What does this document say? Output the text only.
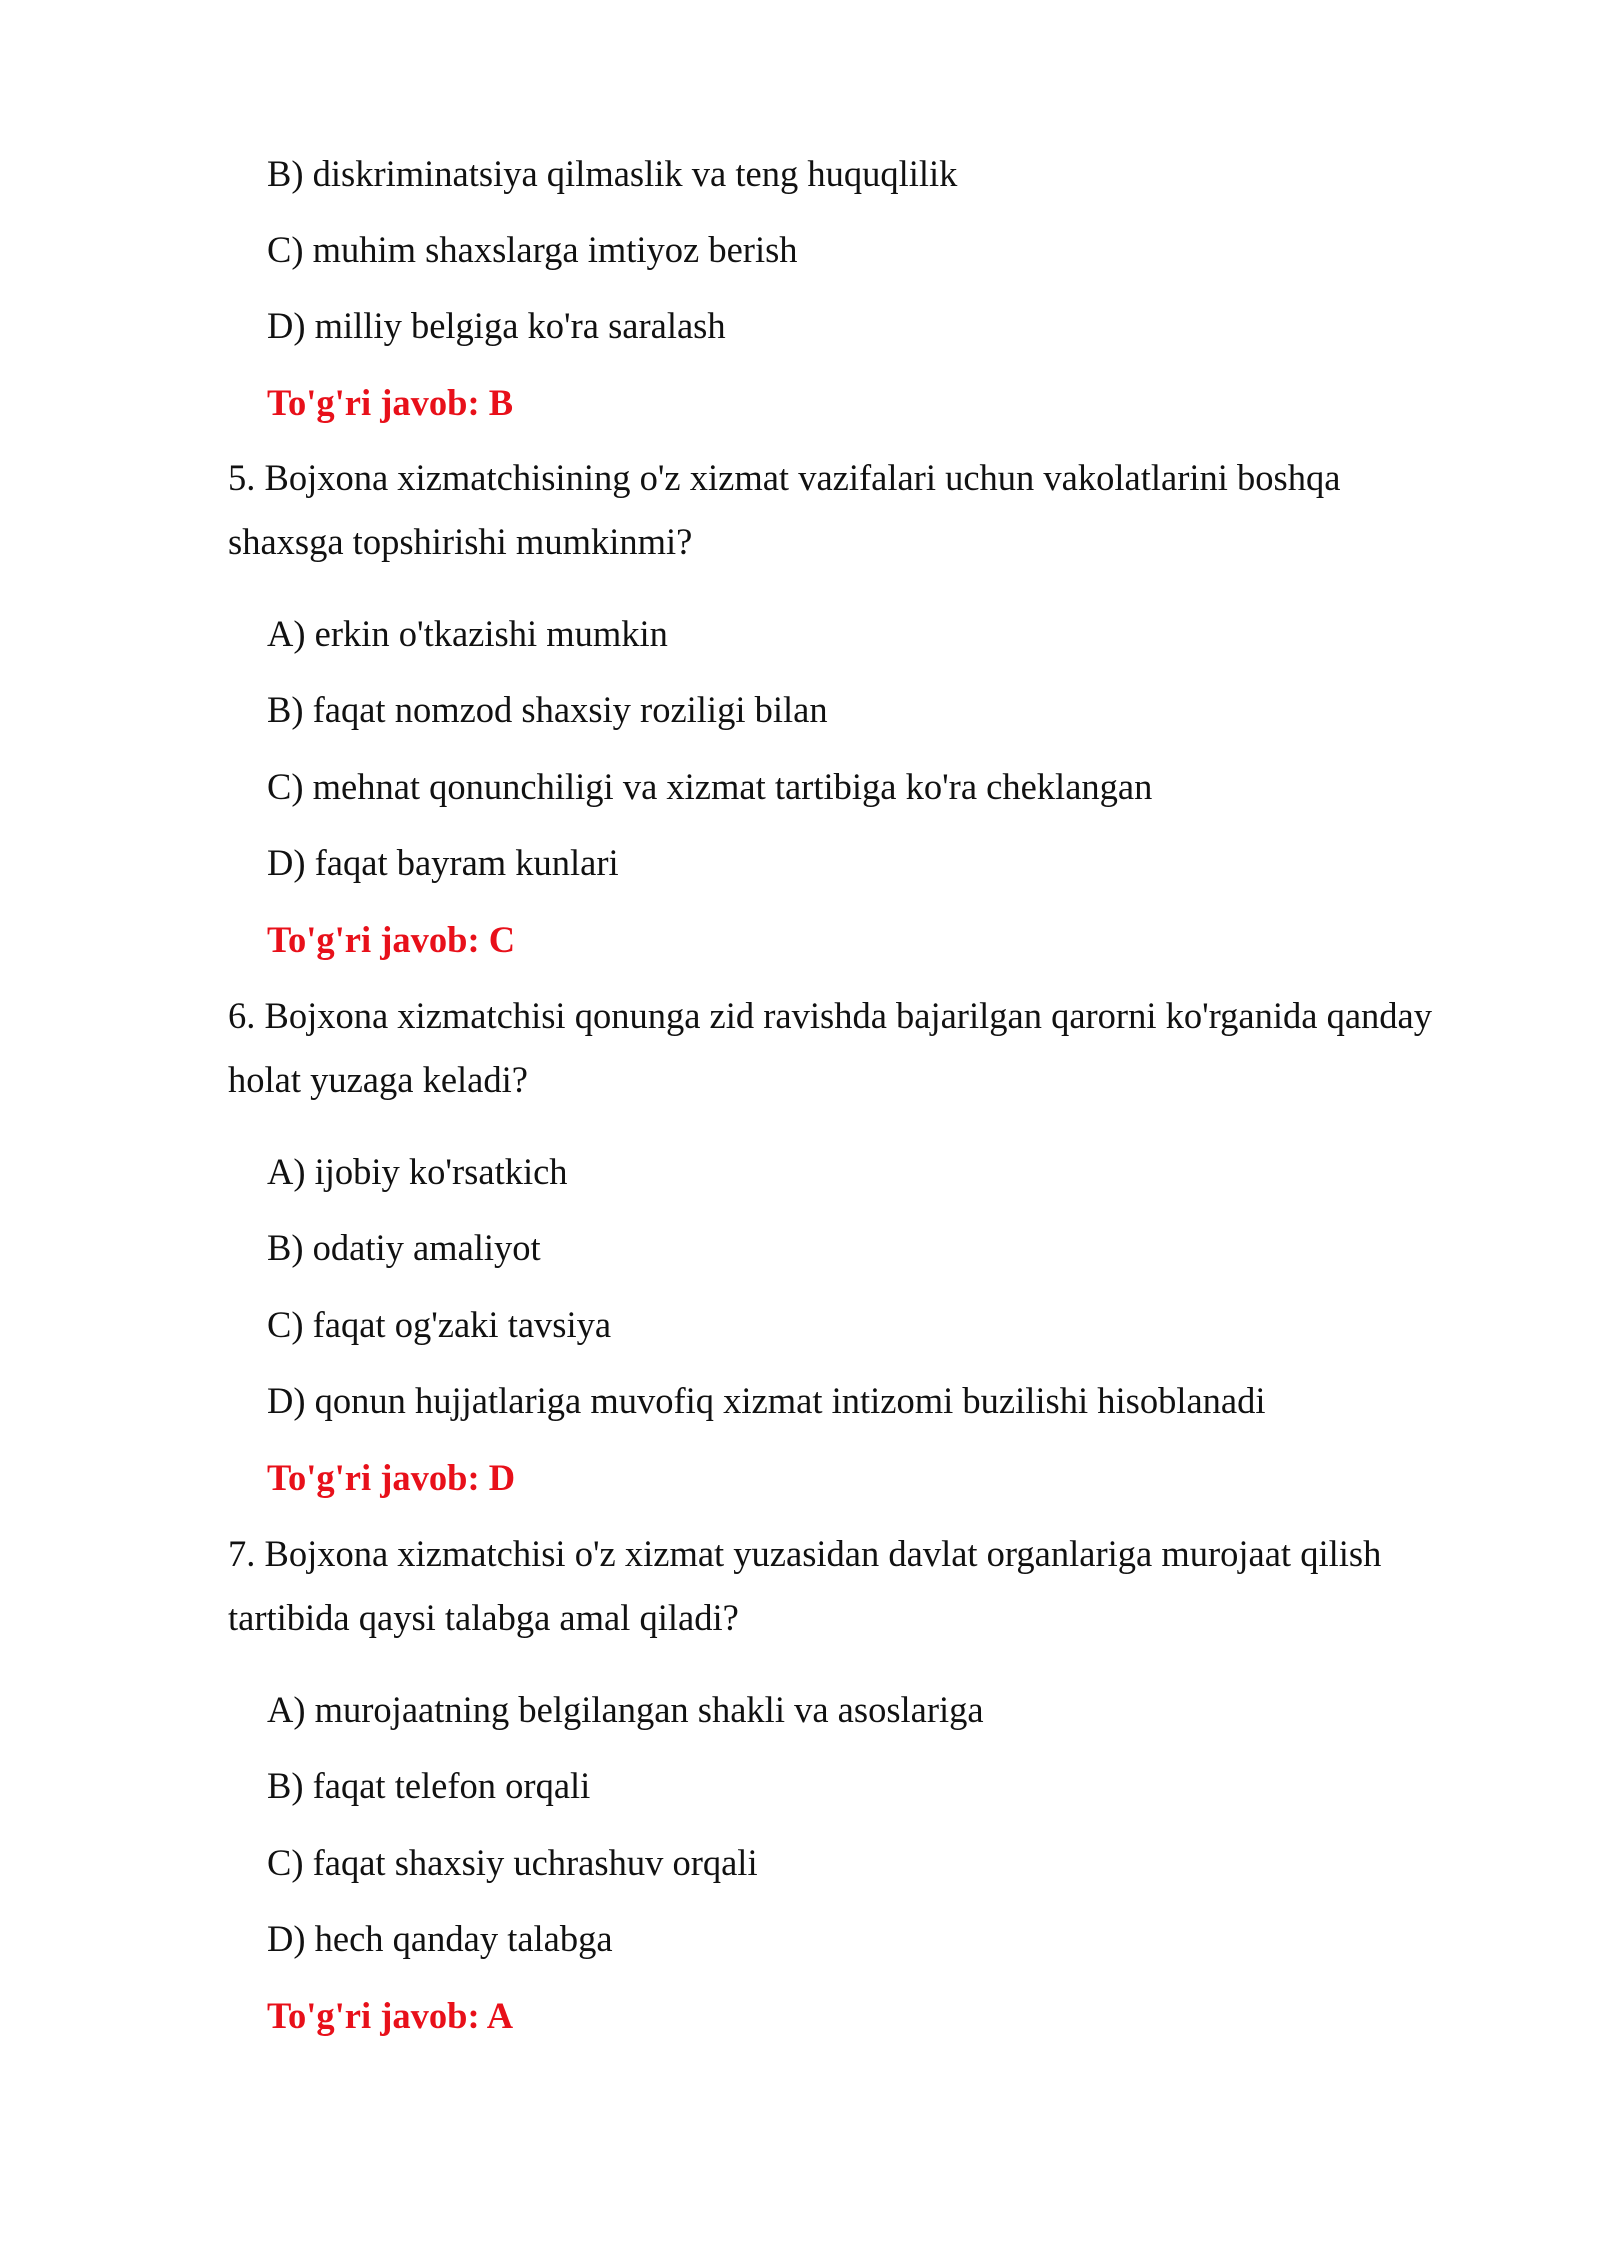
B) diskriminatsiya qilmaslik va teng huquqlilik
C) muhim shaxslarga imtiyoz berish
D) milliy belgiga ko'ra saralash
To'g'ri javob: B
5. Bojxona xizmatchisining o'z xizmat vazifalari uchun vakolatlarini boshqa
shaxsga topshirishi mumkinmi?
A) erkin o'tkazishi mumkin
B) faqat nomzod shaxsiy roziligi bilan
C) mehnat qonunchiligi va xizmat tartibiga ko'ra cheklangan
D) faqat bayram kunlari
To'g'ri javob: C
6. Bojxona xizmatchisi qonunga zid ravishda bajarilgan qarorni ko'rganida qanday
holat yuzaga keladi?
A) ijobiy ko'rsatkich
B) odatiy amaliyot
C) faqat og'zaki tavsiya
D) qonun hujjatlariga muvofiq xizmat intizomi buzilishi hisoblanadi
To'g'ri javob: D
7. Bojxona xizmatchisi o'z xizmat yuzasidan davlat organlariga murojaat qilish
tartibida qaysi talabga amal qiladi?
A) murojaatning belgilangan shakli va asoslariga
B) faqat telefon orqali
C) faqat shaxsiy uchrashuv orqali
D) hech qanday talabga
To'g'ri javob: A
